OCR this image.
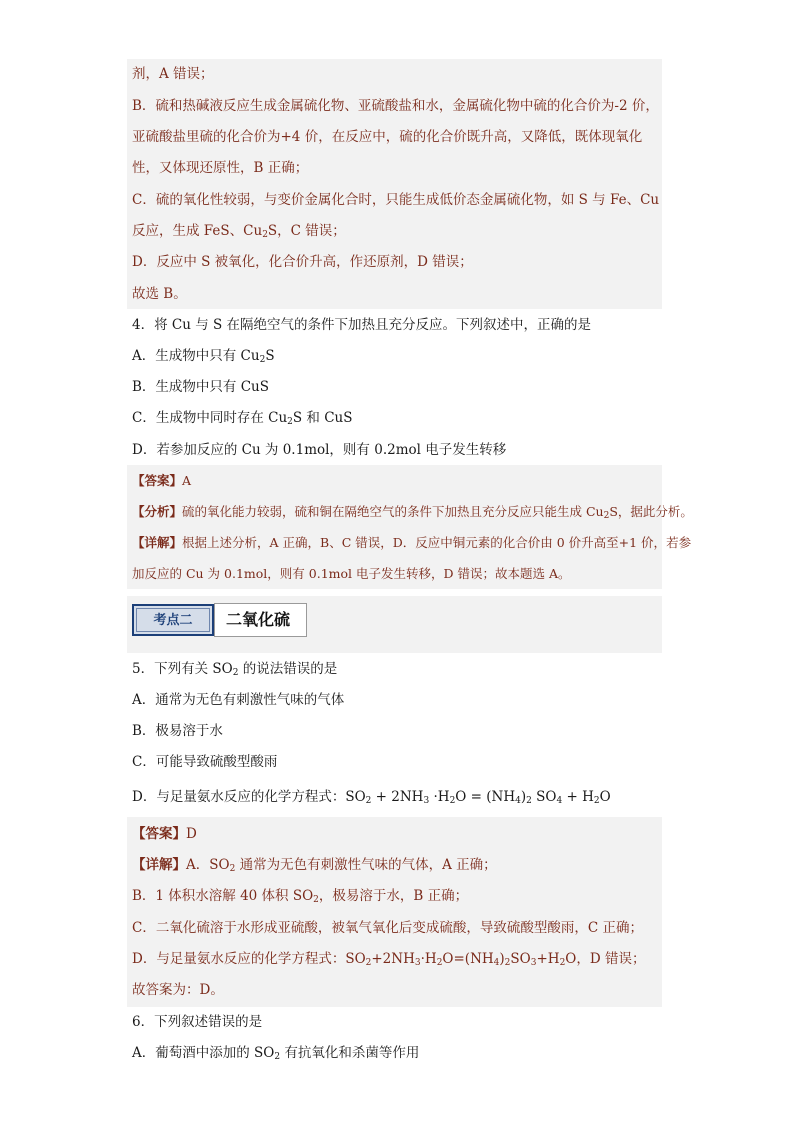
剂，A 错误；
B．硫和热碱液反应生成金属硫化物、亚硫酸盐和水，金属硫化物中硫的化合价为-2 价，
亚硫酸盐里硫的化合价为+4 价，在反应中，硫的化合价既升高，又降低，既体现氧化
性，又体现还原性，B 正确；
C．硫的氧化性较弱，与变价金属化合时，只能生成低价态金属硫化物，如 S 与 Fe、Cu
反应，生成 FeS、$Cu_2S$，C 错误；
D．反应中 S 被氧化，化合价升高，作还原剂，D 错误；
故选 B。
4．将 Cu 与 S 在隔绝空气的条件下加热且充分反应。下列叙述中，正确的是
A．生成物中只有 $Cu_2S$
B．生成物中只有 CuS
C．生成物中同时存在 $Cu_2S$ 和 CuS
D．若参加反应的 Cu 为 0.1mol，则有 0.2mol 电子发生转移
【答案】A
【分析】硫的氧化能力较弱，硫和铜在隔绝空气的条件下加热且充分反应只能生成 $Cu_2S$，据此分析。
【详解】根据上述分析，A 正确，B、C 错误，D．反应中铜元素的化合价由 0 价升高至+1 价，若参
加反应的 Cu 为 0.1mol，则有 0.1mol 电子发生转移，D 错误；故本题选 A。
考点二	二氧化硫
5．下列有关 $SO_2$ 的说法错误的是
A．通常为无色有刺激性气味的气体
B．极易溶于水
C．可能导致硫酸型酸雨
D．与足量氨水反应的化学方程式：$SO_2 + 2NH_3 \cdot H_2O = (NH_4)_2$ $SO_4 + H_2O$
【答案】D
【详解】A．$SO_2$ 通常为无色有刺激性气味的气体，A 正确；
B．1 体积水溶解 40 体积 $SO_2$，极易溶于水，B 正确；
C．二氧化硫溶于水形成亚硫酸，被氧气氧化后变成硫酸，导致硫酸型酸雨，C 正确；
D．与足量氨水反应的化学方程式：$SO_2+2NH_3\cdot H_2O=(NH_4)_2SO_3+H_2O$，D 错误；
故答案为：D。
6．下列叙述错误的是
A．葡萄酒中添加的 $SO_2$ 有抗氧化和杀菌等作用
